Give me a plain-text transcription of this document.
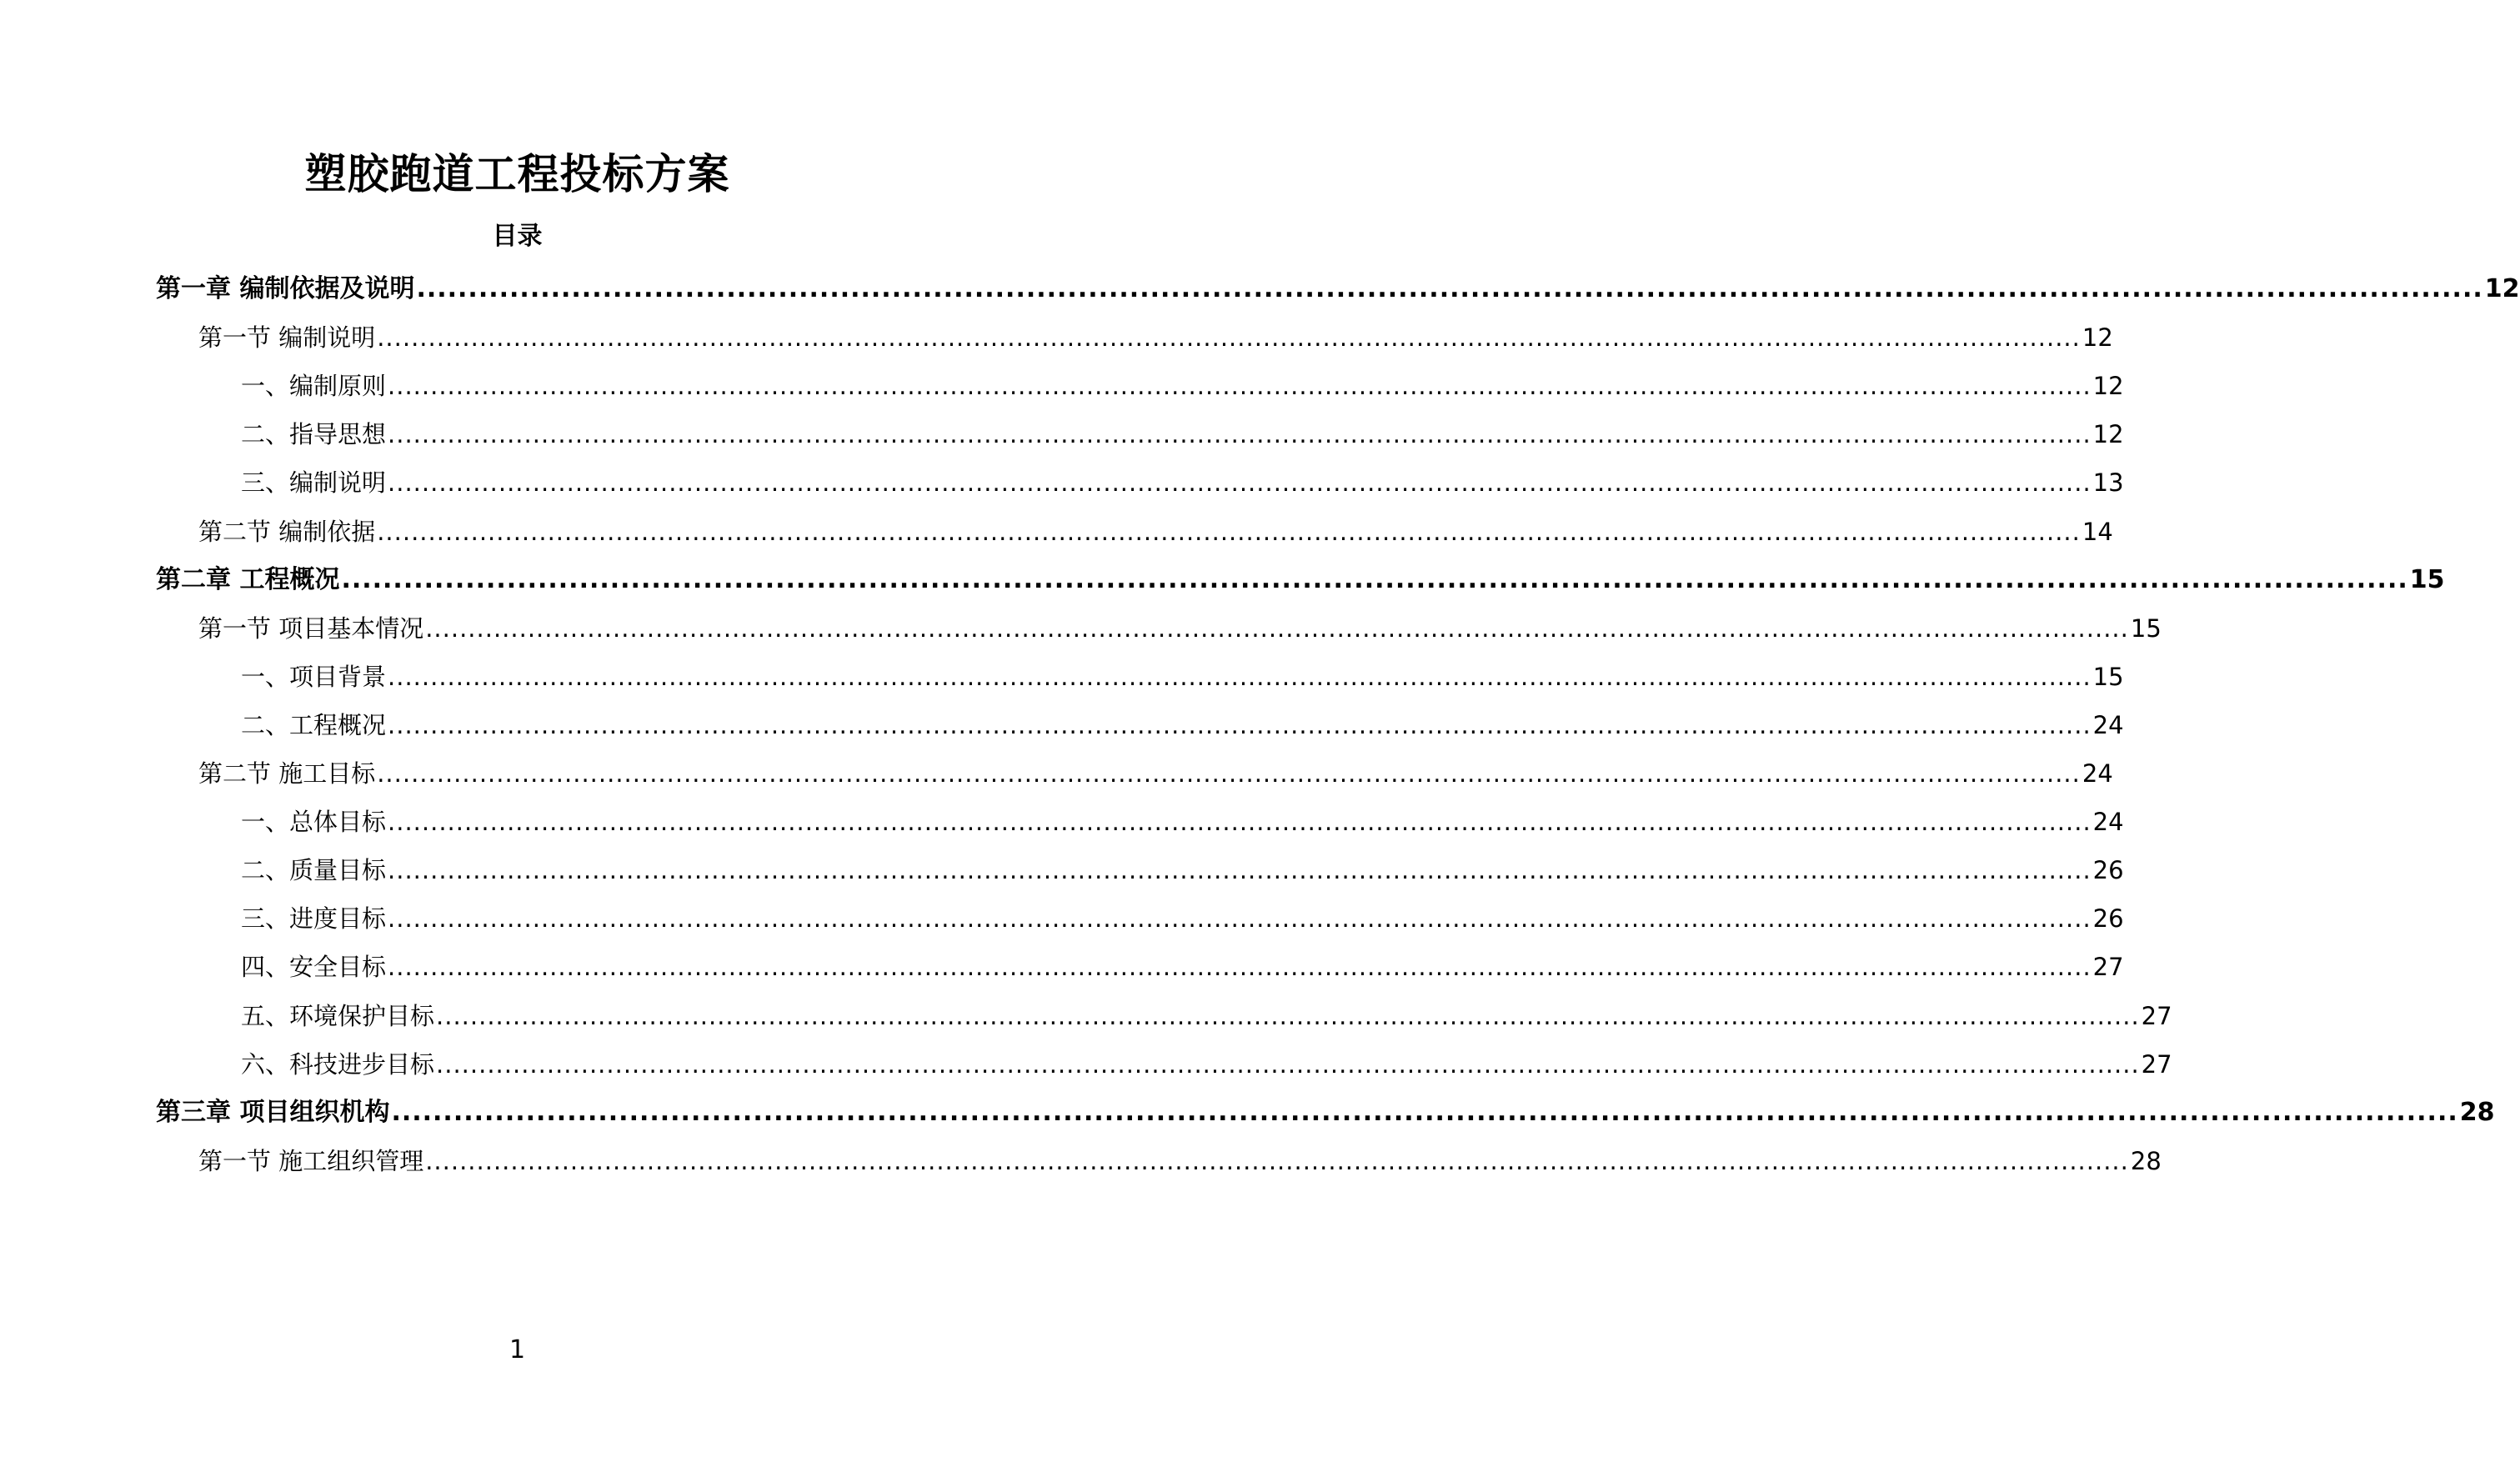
塑胶跑道工程投标方案
目录
第一章 编制依据及说明 ........................................................................................................................................................................................................ 12
第一节 编制说明 ........................................................................................................................................................................................................ 12
一、编制原则 ........................................................................................................................................................................................................ 12
二、指导思想 ........................................................................................................................................................................................................ 12
三、编制说明 ........................................................................................................................................................................................................ 13
第二节 编制依据 ........................................................................................................................................................................................................ 14
第二章 工程概况 ........................................................................................................................................................................................................ 15
第一节 项目基本情况 ........................................................................................................................................................................................................ 15
一、项目背景 ........................................................................................................................................................................................................ 15
二、工程概况 ........................................................................................................................................................................................................ 24
第二节 施工目标 ........................................................................................................................................................................................................ 24
一、总体目标 ........................................................................................................................................................................................................ 24
二、质量目标 ........................................................................................................................................................................................................ 26
三、进度目标 ........................................................................................................................................................................................................ 26
四、安全目标 ........................................................................................................................................................................................................ 27
五、环境保护目标 ........................................................................................................................................................................................................ 27
六、科技进步目标 ........................................................................................................................................................................................................ 27
第三章 项目组织机构 ........................................................................................................................................................................................................ 28
第一节 施工组织管理 ........................................................................................................................................................................................................ 28
1
